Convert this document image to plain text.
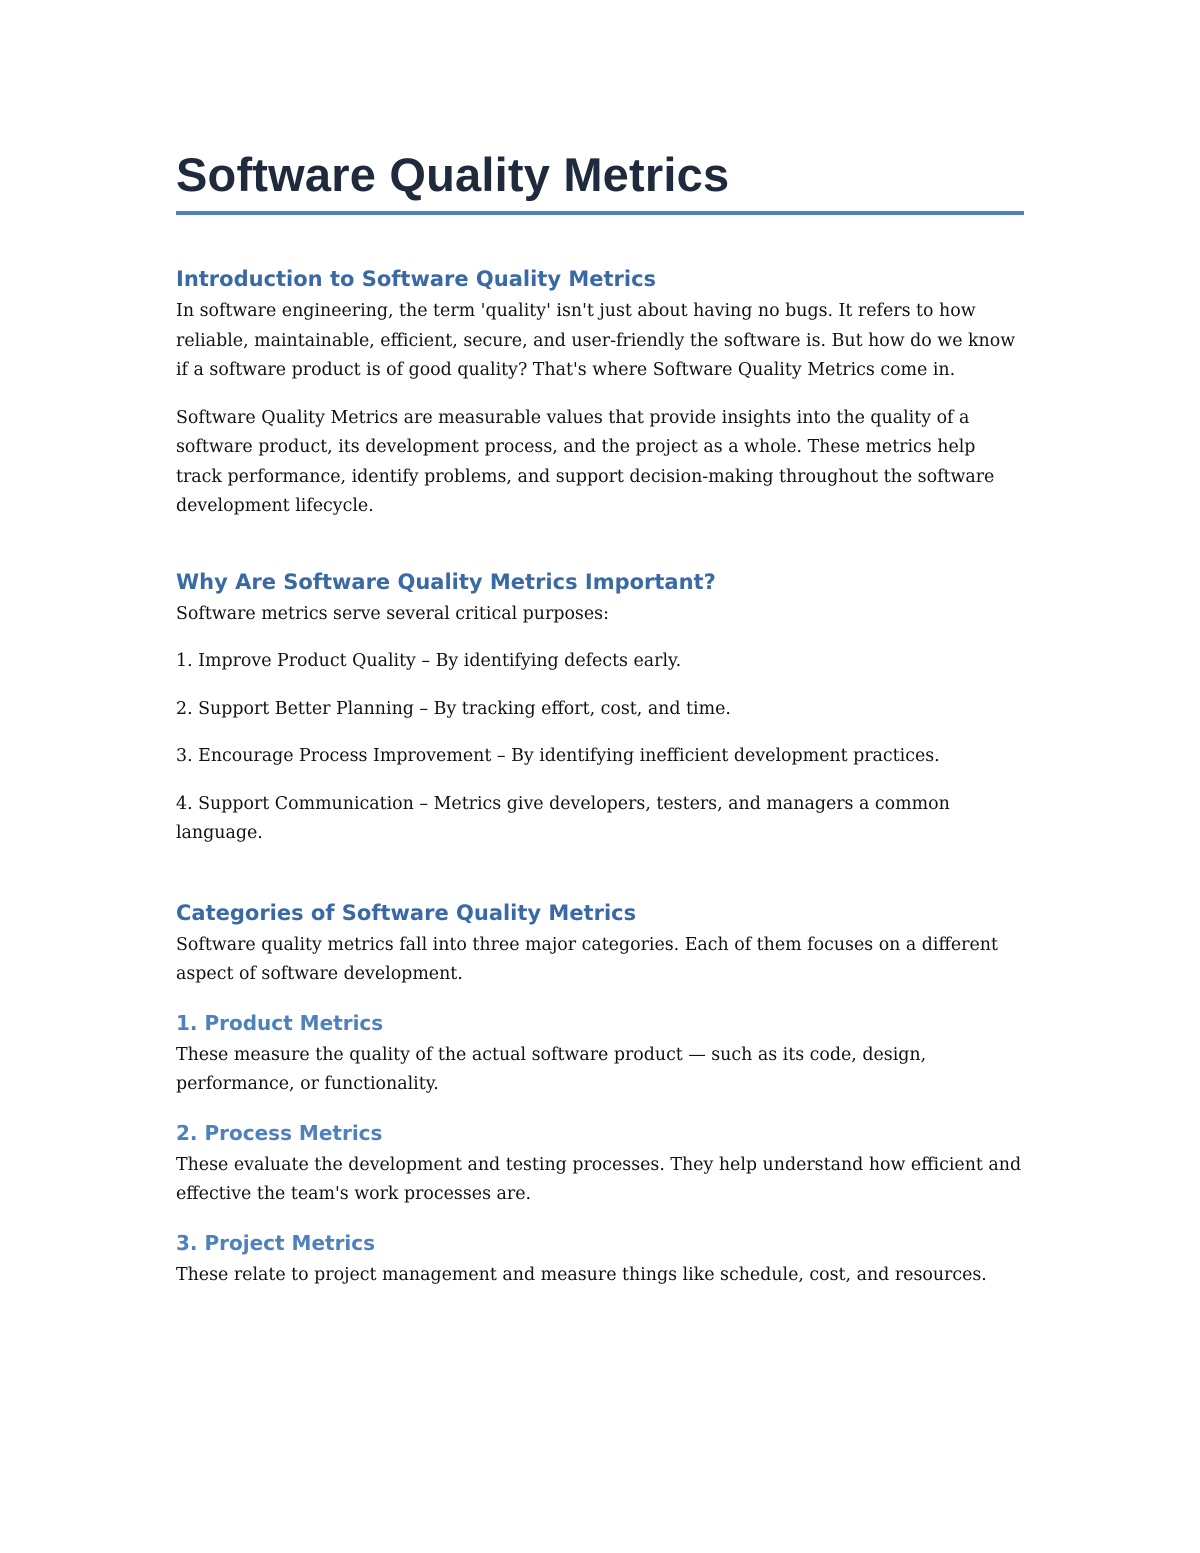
Software Quality Metrics
Introduction to Software Quality Metrics

In software engineering, the term 'quality' isn't just about having no bugs. It refers to how reliable, maintainable, efficient, secure, and user-friendly the software is. But how do we know if a software product is of good quality? That's where Software Quality Metrics come in.

Software Quality Metrics are measurable values that provide insights into the quality of a software product, its development process, and the project as a whole. These metrics help track performance, identify problems, and support decision-making throughout the software development lifecycle.

Why Are Software Quality Metrics Important?

Software metrics serve several critical purposes:

1. Improve Product Quality – By identifying defects early.

2. Support Better Planning – By tracking effort, cost, and time.

3. Encourage Process Improvement – By identifying inefficient development practices.

4. Support Communication – Metrics give developers, testers, and managers a common language.

Categories of Software Quality Metrics

Software quality metrics fall into three major categories. Each of them focuses on a different aspect of software development.

1. Product Metrics

These measure the quality of the actual software product — such as its code, design, performance, or functionality.

2. Process Metrics

These evaluate the development and testing processes. They help understand how efficient and effective the team's work processes are.

3. Project Metrics

These relate to project management and measure things like schedule, cost, and resources.
